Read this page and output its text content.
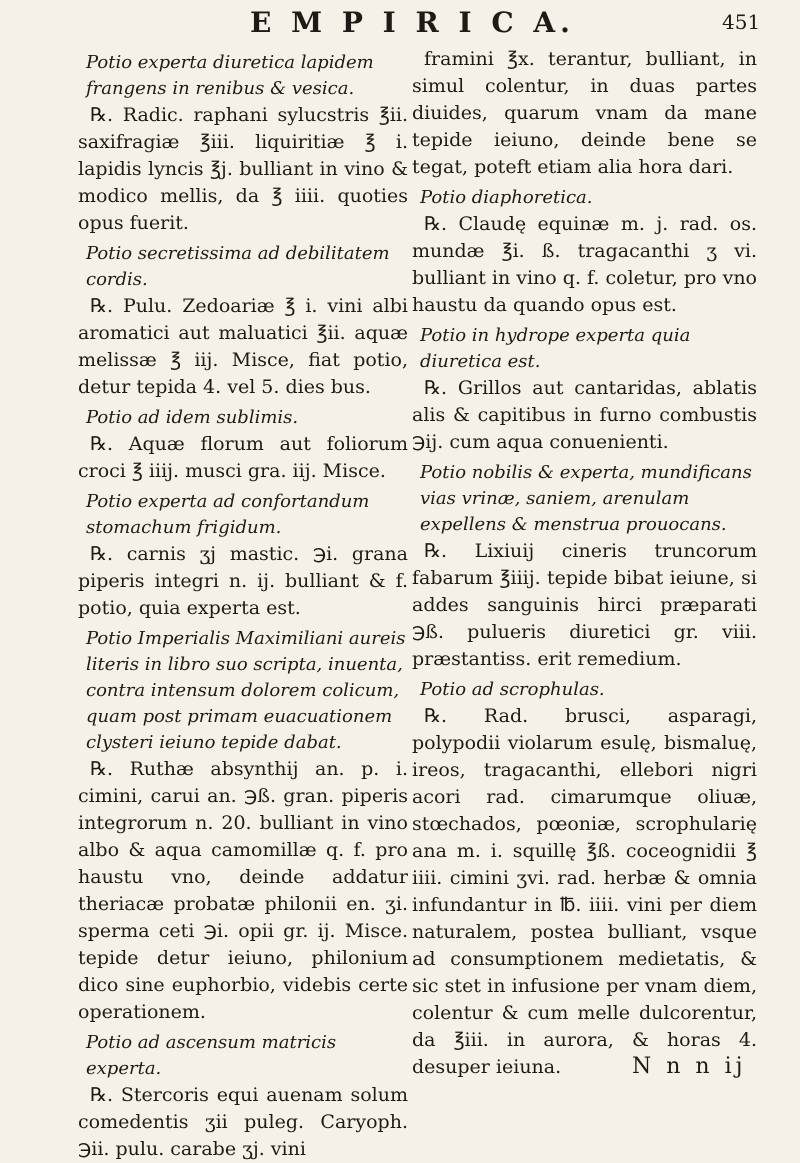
E M P I R I C A.	451

Potio experta diuretica lapidem frangens in renibus & vesica.

℞. Radic. raphani sylucstris ℥ii. saxifragiæ ℥iii. liquiritiæ ℥ i. lapidis lyncis ℥j. bulliant in vino & modico mellis, da ℥ iiii. quoties opus fuerit.

Potio secretissima ad debilitatem cordis.

℞. Pulu. Zedoariæ ℥ i. vini albi aromatici aut maluatici ℥ii. aquæ melissæ ℥ iij. Misce, fiat potio, detur tepida 4. vel 5. dies bus.

Potio ad idem sublimis.

℞. Aquæ florum aut foliorum croci ℥ iiij. musci gra. iij. Misce.

Potio experta ad confortandum stomachum frigidum.

℞. carnis ʒj mastic. ℈i. grana piperis integri n. ij. bulliant & f. potio, quia experta est.

Potio Imperialis Maximiliani aureis literis in libro suo scripta, inuenta, contra intensum dolorem colicum, quam post primam euacuationem clysteri ieiuno tepide dabat.

℞. Ruthæ absynthij an. p. i. cimini, carui an. ℈ß. gran. piperis integrorum n. 20. bulliant in vino albo & aqua camomillæ q. f. pro haustu vno, deinde addatur theriacæ probatæ philonii en. ʒi. sperma ceti ℈i. opii gr. ij. Misce. tepide detur ieiuno, philonium dico sine euphorbio, videbis certe operationem.

Potio ad ascensum matricis experta.

℞. Stercoris equi auenam solum comedentis ʒii puleg. Caryoph. ℈ii. pulu. carabe ʒj. vini

framini ℥x. terantur, bulliant, in simul colentur, in duas partes diuides, quarum vnam da mane tepide ieiuno, deinde bene se tegat, poteft etiam alia hora dari.

Potio diaphoretica.

℞. Claudę equinæ m. j. rad. os. mundæ ℥i. ß. tragacanthi ʒ vi. bulliant in vino q. f. coletur, pro vno haustu da quando opus est.

Potio in hydrope experta quia diuretica est.

℞. Grillos aut cantaridas, ablatis alis & capitibus in furno combustis ℈ij. cum aqua conuenienti.

Potio nobilis & experta, mundificans vias vrinæ, saniem, arenulam expellens & menstrua prouocans.

℞. Lixiuij cineris truncorum fabarum ℥iiij. tepide bibat ieiune, si addes sanguinis hirci præparati ℈ß. pulueris diuretici gr. viii. præstantiss. erit remedium.

Potio ad scrophulas.

℞. Rad. brusci, asparagi, polypodii violarum esulę, bismaluę, ireos, tragacanthi, ellebori nigri acori rad. cimarumque oliuæ, stœchados, pœoniæ, scrophularię ana m. i. squillę ℥ß. coceognidii ℥ iiii. cimini ʒvi. rad. herbæ & omnia infundantur in ℔. iiii. vini per diem naturalem, postea bulliant, vsque ad consumptionem medietatis, & sic stet in infusione per vnam diem, colentur & cum melle dulcorentur, da ℥iii. in aurora, & horas 4. desuper ieiuna.	N n n ij
